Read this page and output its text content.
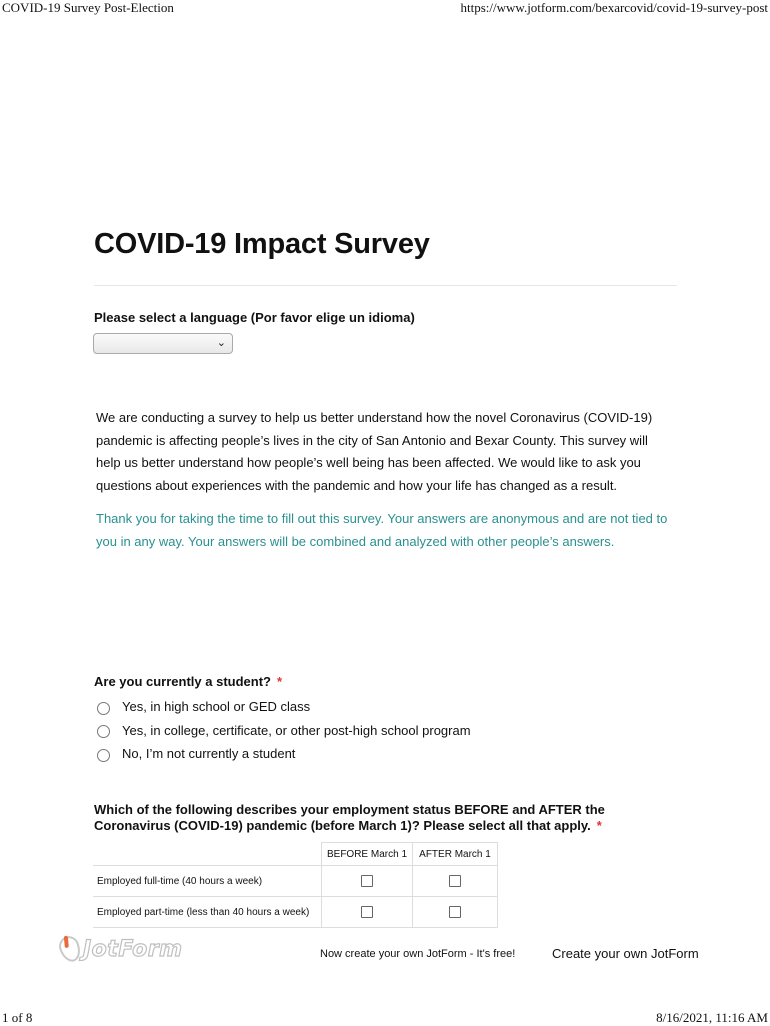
COVID-19 Survey Post-Election	https://www.jotform.com/bexarcovid/covid-19-survey-post
COVID-19 Impact Survey
Please select a language (Por favor elige un idioma)
⌄

We are conducting a survey to help us better understand how the novel Coronavirus (COVID-19) pandemic is affecting people’s lives in the city of San Antonio and Bexar County. This survey will help us better understand how people’s well being has been affected. We would like to ask you questions about experiences with the pandemic and how your life has changed as a result.

Thank you for taking the time to fill out this survey. Your answers are anonymous and are not tied to you in any way. Your answers will be combined and analyzed with other people’s answers.

Are you currently a student? *
Yes, in high school or GED class
Yes, in college, certificate, or other post-high school program
No, I’m not currently a student
Which of the following describes your employment status BEFORE and AFTER the Coronavirus (COVID-19) pandemic (before March 1)? Please select all that apply. *
	BEFORE March 1	AFTER March 1
Employed full-time (40 hours a week)		
Employed part-time (less than 40 hours a week)		
JotForm	Now create your own JotForm - It's free!	Create your own JotForm
1 of 8	8/16/2021, 11:16 AM
